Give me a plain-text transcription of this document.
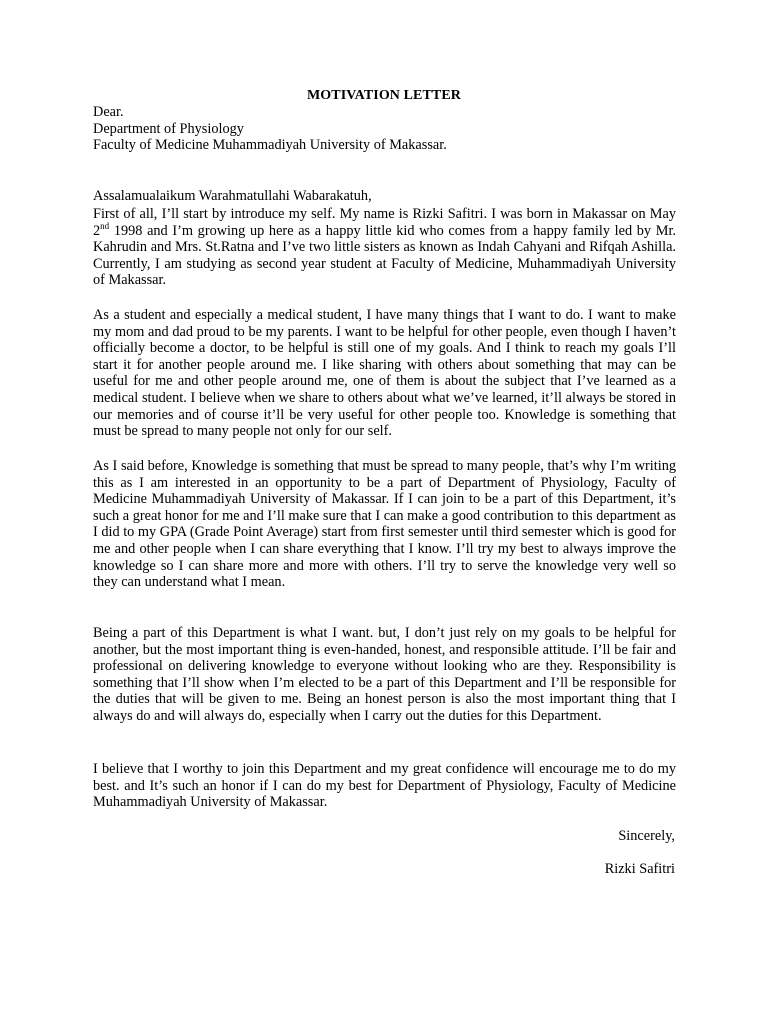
MOTIVATION LETTER
Dear.
Department of Physiology
Faculty of Medicine Muhammadiyah University of Makassar.
Assalamualaikum Warahmatullahi Wabarakatuh,

First of all, I’ll start by introduce my self. My name is Rizki Safitri. I was born in Makassar on May 2nd 1998 and I’m growing up here as a happy little kid who comes from a happy family led by Mr. Kahrudin and Mrs. St.Ratna and I’ve two little sisters as known as Indah Cahyani and Rifqah Ashilla. Currently, I am studying as second year student at Faculty of Medicine, Muhammadiyah University of Makassar.

As a student and especially a medical student, I have many things that I want to do. I want to make my mom and dad proud to be my parents. I want to be helpful for other people, even though I haven’t officially become a doctor, to be helpful is still one of my goals. And I think to reach my goals I’ll start it for another people around me. I like sharing with others about something that may can be useful for me and other people around me, one of them is about the subject that I’ve learned as a medical student. I believe when we share to others about what we’ve learned, it’ll always be stored in our memories and of course it’ll be very useful for other people too. Knowledge is something that must be spread to many people not only for our self.

As I said before, Knowledge is something that must be spread to many people, that’s why I’m writing this as I am interested in an opportunity to be a part of Department of Physiology, Faculty of Medicine Muhammadiyah University of Makassar. If I can join to be a part of this Department, it’s such a great honor for me and I’ll make sure that I can make a good contribution to this department as I did to my GPA (Grade Point Average) start from first semester until third semester which is good for me and other people when I can share everything that I know. I’ll try my best to always improve the knowledge so I can share more and more with others. I’ll try to serve the knowledge very well so they can understand what I mean.

Being a part of this Department is what I want. but, I don’t just rely on my goals to be helpful for another, but the most important thing is even-handed, honest, and responsible attitude. I’ll be fair and professional on delivering knowledge to everyone without looking who are they. Responsibility is something that I’ll show when I’m elected to be a part of this Department and I’ll be responsible for the duties that will be given to me. Being an honest person is also the most important thing that I always do and will always do, especially when I carry out the duties for this Department.

I believe that I worthy to join this Department and my great confidence will encourage me to do my best. and It’s such an honor if I can do my best for Department of Physiology, Faculty of Medicine Muhammadiyah University of Makassar.

Sincerely,
Rizki Safitri
